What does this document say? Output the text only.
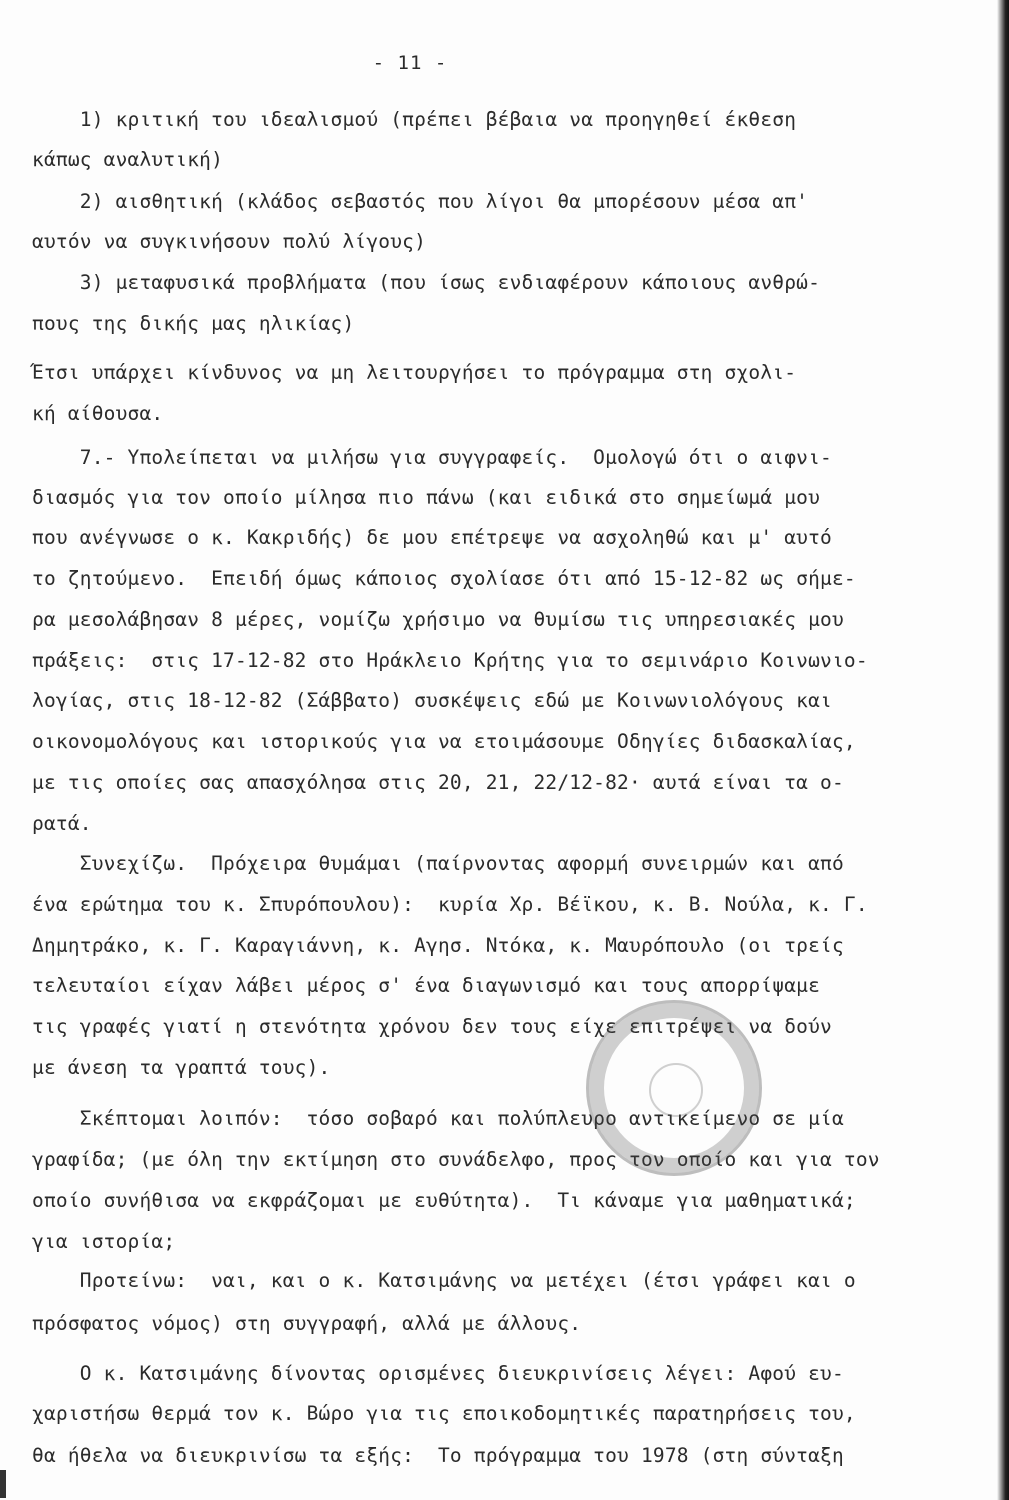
- 11 -
1) κριτική του ιδεαλισμού (πρέπει βέβαια να προηγηθεί έκθεση
κάπως αναλυτική)
2) αισθητική (κλάδος σεβαστός που λίγοι θα μπορέσουν μέσα απ'
αυτόν να συγκινήσουν πολύ λίγους)
3) μεταφυσικά προβλήματα (που ίσως ενδιαφέρουν κάποιους ανθρώ-
πους της δικής μας ηλικίας)
Έτσι υπάρχει κίνδυνος να μη λειτουργήσει το πρόγραμμα στη σχολι-
κή αίθουσα.
7.- Υπολείπεται να μιλήσω για συγγραφείς.  Ομολογώ ότι ο αιφνι-
διασμός για τον οποίο μίλησα πιο πάνω (και ειδικά στο σημείωμά μου
που ανέγνωσε ο κ. Κακριδής) δε μου επέτρεψε να ασχοληθώ και μ' αυτό
το ζητούμενο.  Επειδή όμως κάποιος σχολίασε ότι από 15-12-82 ως σήμε-
ρα μεσολάβησαν 8 μέρες, νομίζω χρήσιμο να θυμίσω τις υπηρεσιακές μου
πράξεις:  στις 17-12-82 στο Ηράκλειο Κρήτης για το σεμινάριο Κοινωνιο-
λογίας, στις 18-12-82 (Σάββατο) συσκέψεις εδώ με Κοινωνιολόγους και
οικονομολόγους και ιστορικούς για να ετοιμάσουμε Οδηγίες διδασκαλίας,
με τις οποίες σας απασχόλησα στις 20, 21, 22/12-82· αυτά είναι τα ο-
ρατά.
Συνεχίζω.  Πρόχειρα θυμάμαι (παίρνοντας αφορμή συνειρμών και από
ένα ερώτημα του κ. Σπυρόπουλου):  κυρία Χρ. Βέϊκου, κ. Β. Νούλα, κ. Γ.
Δημητράκο, κ. Γ. Καραγιάννη, κ. Αγησ. Ντόκα, κ. Μαυρόπουλο (οι τρείς
τελευταίοι είχαν λάβει μέρος σ' ένα διαγωνισμό και τους απορρίψαμε
τις γραφές γιατί η στενότητα χρόνου δεν τους είχε επιτρέψει να δούν
με άνεση τα γραπτά τους).
Σκέπτομαι λοιπόν:  τόσο σοβαρό και πολύπλευρο αντικείμενο σε μία
γραφίδα; (με όλη την εκτίμηση στο συνάδελφο, προς τον οποίο και για τον
οποίο συνήθισα να εκφράζομαι με ευθύτητα).  Τι κάναμε για μαθηματικά;
για ιστορία;
Προτείνω:  ναι, και ο κ. Κατσιμάνης να μετέχει (έτσι γράφει και ο
πρόσφατος νόμος) στη συγγραφή, αλλά με άλλους.
Ο κ. Κατσιμάνης δίνοντας ορισμένες διευκρινίσεις λέγει: Αφού ευ-
χαριστήσω θερμά τον κ. Βώρο για τις εποικοδομητικές παρατηρήσεις του,
θα ήθελα να διευκρινίσω τα εξής:  Το πρόγραμμα του 1978 (στη σύνταξη
